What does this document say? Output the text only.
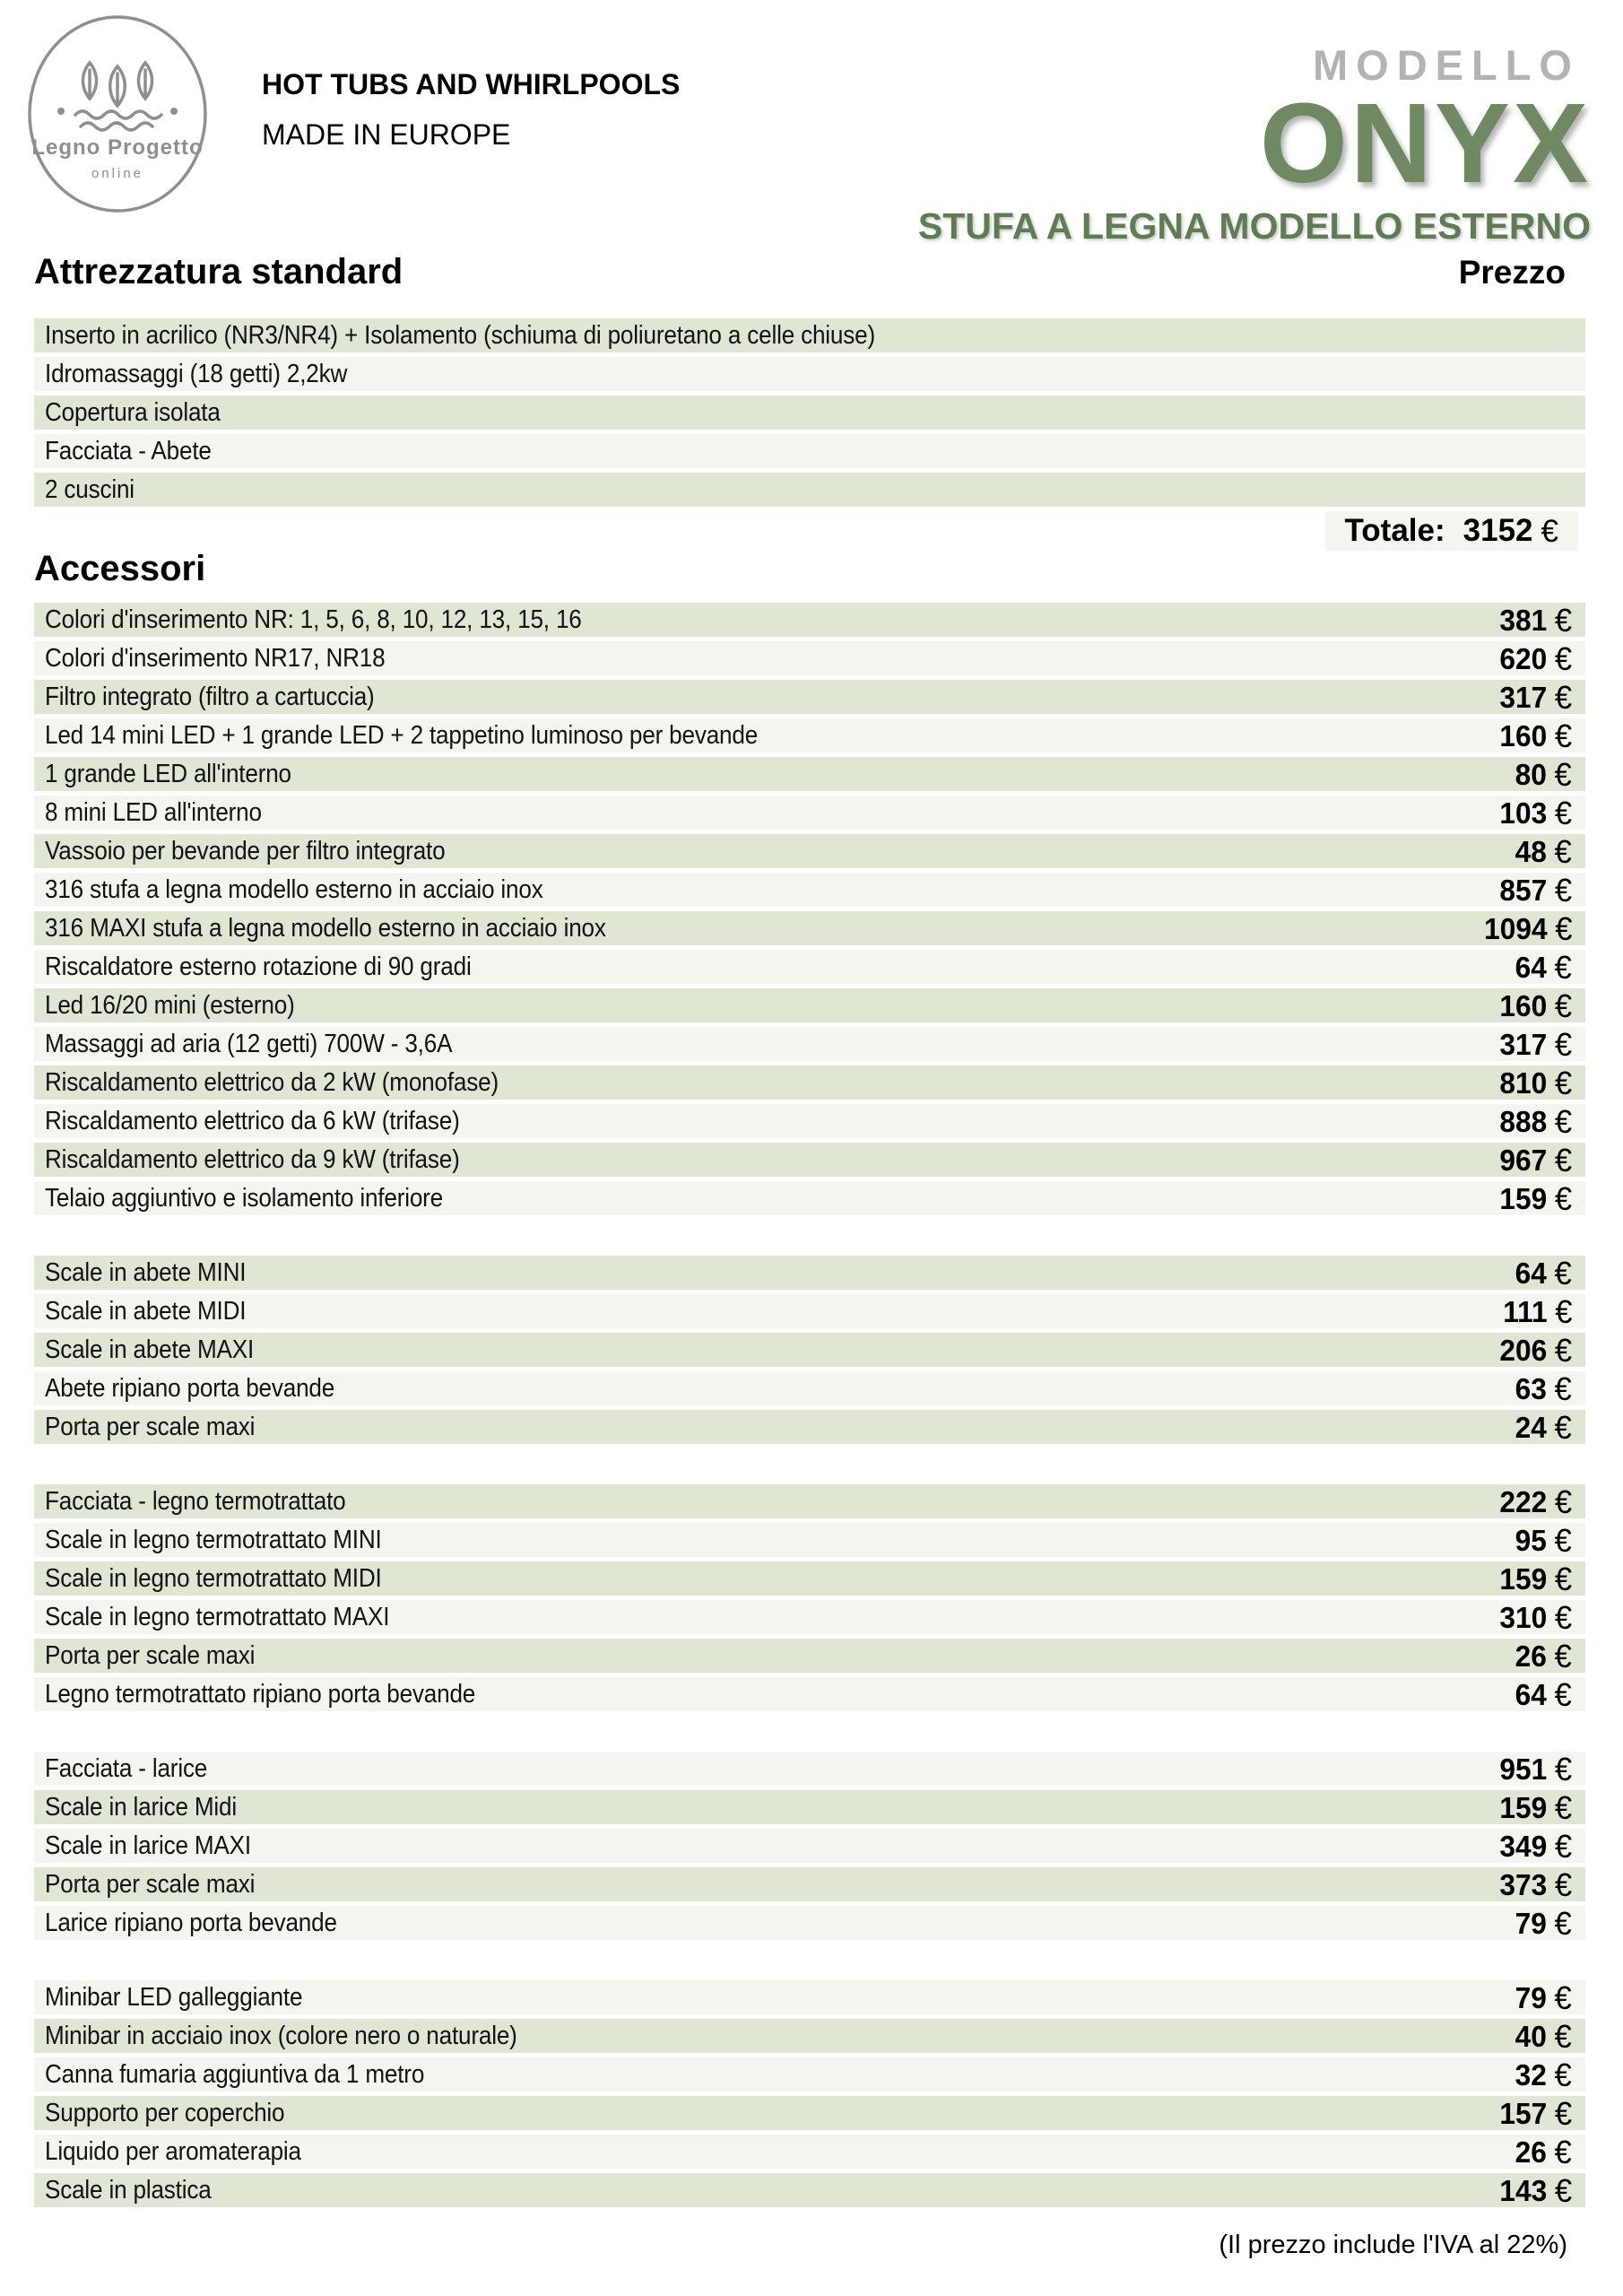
Legno Progetto
online
HOT TUBS AND WHIRLPOOLS
MADE IN EUROPE
MODELLO
ONYX
STUFA A LEGNA MODELLO ESTERNO
Attrezzatura standard	Prezzo
Inserto in acrilico (NR3/NR4) + Isolamento (schiuma di poliuretano a celle chiuse)
Idromassaggi (18 getti) 2,2kw
Copertura isolata
Facciata - Abete
2 cuscini
Totale: 3152 €
Accessori
Colori d'inserimento NR: 1, 5, 6, 8, 10, 12, 13, 15, 16	381 €
Colori d'inserimento NR17, NR18	620 €
Filtro integrato (filtro a cartuccia)	317 €
Led 14 mini LED + 1 grande LED + 2 tappetino luminoso per bevande	160 €
1 grande LED all'interno	80 €
8 mini LED all'interno	103 €
Vassoio per bevande per filtro integrato	48 €
316 stufa a legna modello esterno in acciaio inox	857 €
316 MAXI stufa a legna modello esterno in acciaio inox	1094 €
Riscaldatore esterno rotazione di 90 gradi	64 €
Led 16/20 mini (esterno)	160 €
Massaggi ad aria (12 getti) 700W - 3,6A	317 €
Riscaldamento elettrico da 2 kW (monofase)	810 €
Riscaldamento elettrico da 6 kW (trifase)	888 €
Riscaldamento elettrico da 9 kW (trifase)	967 €
Telaio aggiuntivo e isolamento inferiore	159 €
Scale in abete MINI	64 €
Scale in abete MIDI	111 €
Scale in abete MAXI	206 €
Abete ripiano porta bevande	63 €
Porta per scale maxi	24 €
Facciata - legno termotrattato	222 €
Scale in legno termotrattato MINI	95 €
Scale in legno termotrattato MIDI	159 €
Scale in legno termotrattato MAXI	310 €
Porta per scale maxi	26 €
Legno termotrattato ripiano porta bevande	64 €
Facciata - larice	951 €
Scale in larice Midi	159 €
Scale in larice MAXI	349 €
Porta per scale maxi	373 €
Larice ripiano porta bevande	79 €
Minibar LED galleggiante	79 €
Minibar in acciaio inox (colore nero o naturale)	40 €
Canna fumaria aggiuntiva da 1 metro	32 €
Supporto per coperchio	157 €
Liquido per aromaterapia	26 €
Scale in plastica	143 €
(Il prezzo include l'IVA al 22%)
